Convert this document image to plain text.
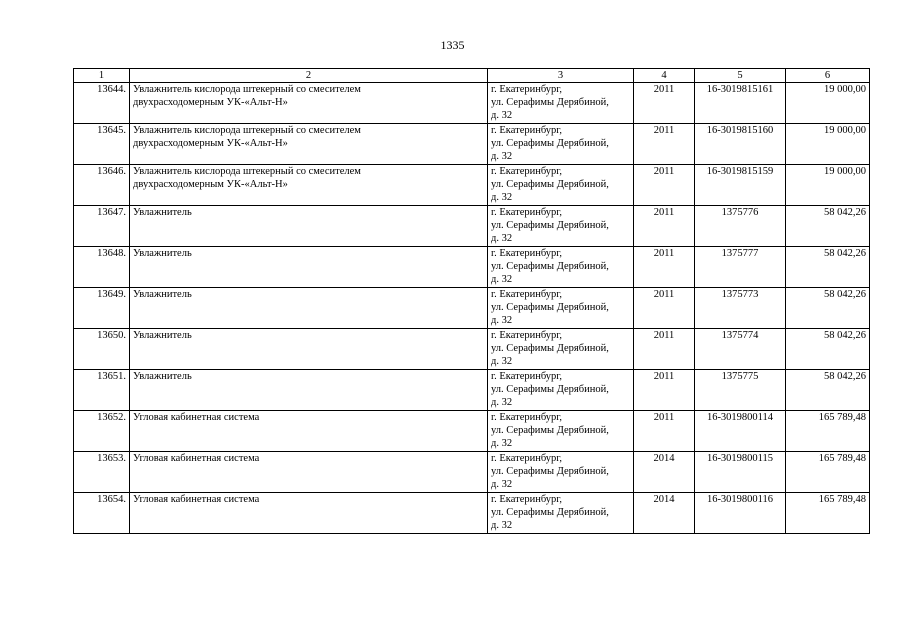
1335
1	2	3	4	5	6
13644.	Увлажнитель кислорода штекерный со смесителем
двухрасходомерным УК-«Альт-Н»	г. Екатеринбург,
ул. Серафимы Дерябиной,
д. 32	2011	16-3019815161	19 000,00
13645.	Увлажнитель кислорода штекерный со смесителем
двухрасходомерным УК-«Альт-Н»	г. Екатеринбург,
ул. Серафимы Дерябиной,
д. 32	2011	16-3019815160	19 000,00
13646.	Увлажнитель кислорода штекерный со смесителем
двухрасходомерным УК-«Альт-Н»	г. Екатеринбург,
ул. Серафимы Дерябиной,
д. 32	2011	16-3019815159	19 000,00
13647.	Увлажнитель	г. Екатеринбург,
ул. Серафимы Дерябиной,
д. 32	2011	1375776	58 042,26
13648.	Увлажнитель	г. Екатеринбург,
ул. Серафимы Дерябиной,
д. 32	2011	1375777	58 042,26
13649.	Увлажнитель	г. Екатеринбург,
ул. Серафимы Дерябиной,
д. 32	2011	1375773	58 042,26
13650.	Увлажнитель	г. Екатеринбург,
ул. Серафимы Дерябиной,
д. 32	2011	1375774	58 042,26
13651.	Увлажнитель	г. Екатеринбург,
ул. Серафимы Дерябиной,
д. 32	2011	1375775	58 042,26
13652.	Угловая кабинетная система	г. Екатеринбург,
ул. Серафимы Дерябиной,
д. 32	2011	16-3019800114	165 789,48
13653.	Угловая кабинетная система	г. Екатеринбург,
ул. Серафимы Дерябиной,
д. 32	2014	16-3019800115	165 789,48
13654.	Угловая кабинетная система	г. Екатеринбург,
ул. Серафимы Дерябиной,
д. 32	2014	16-3019800116	165 789,48
